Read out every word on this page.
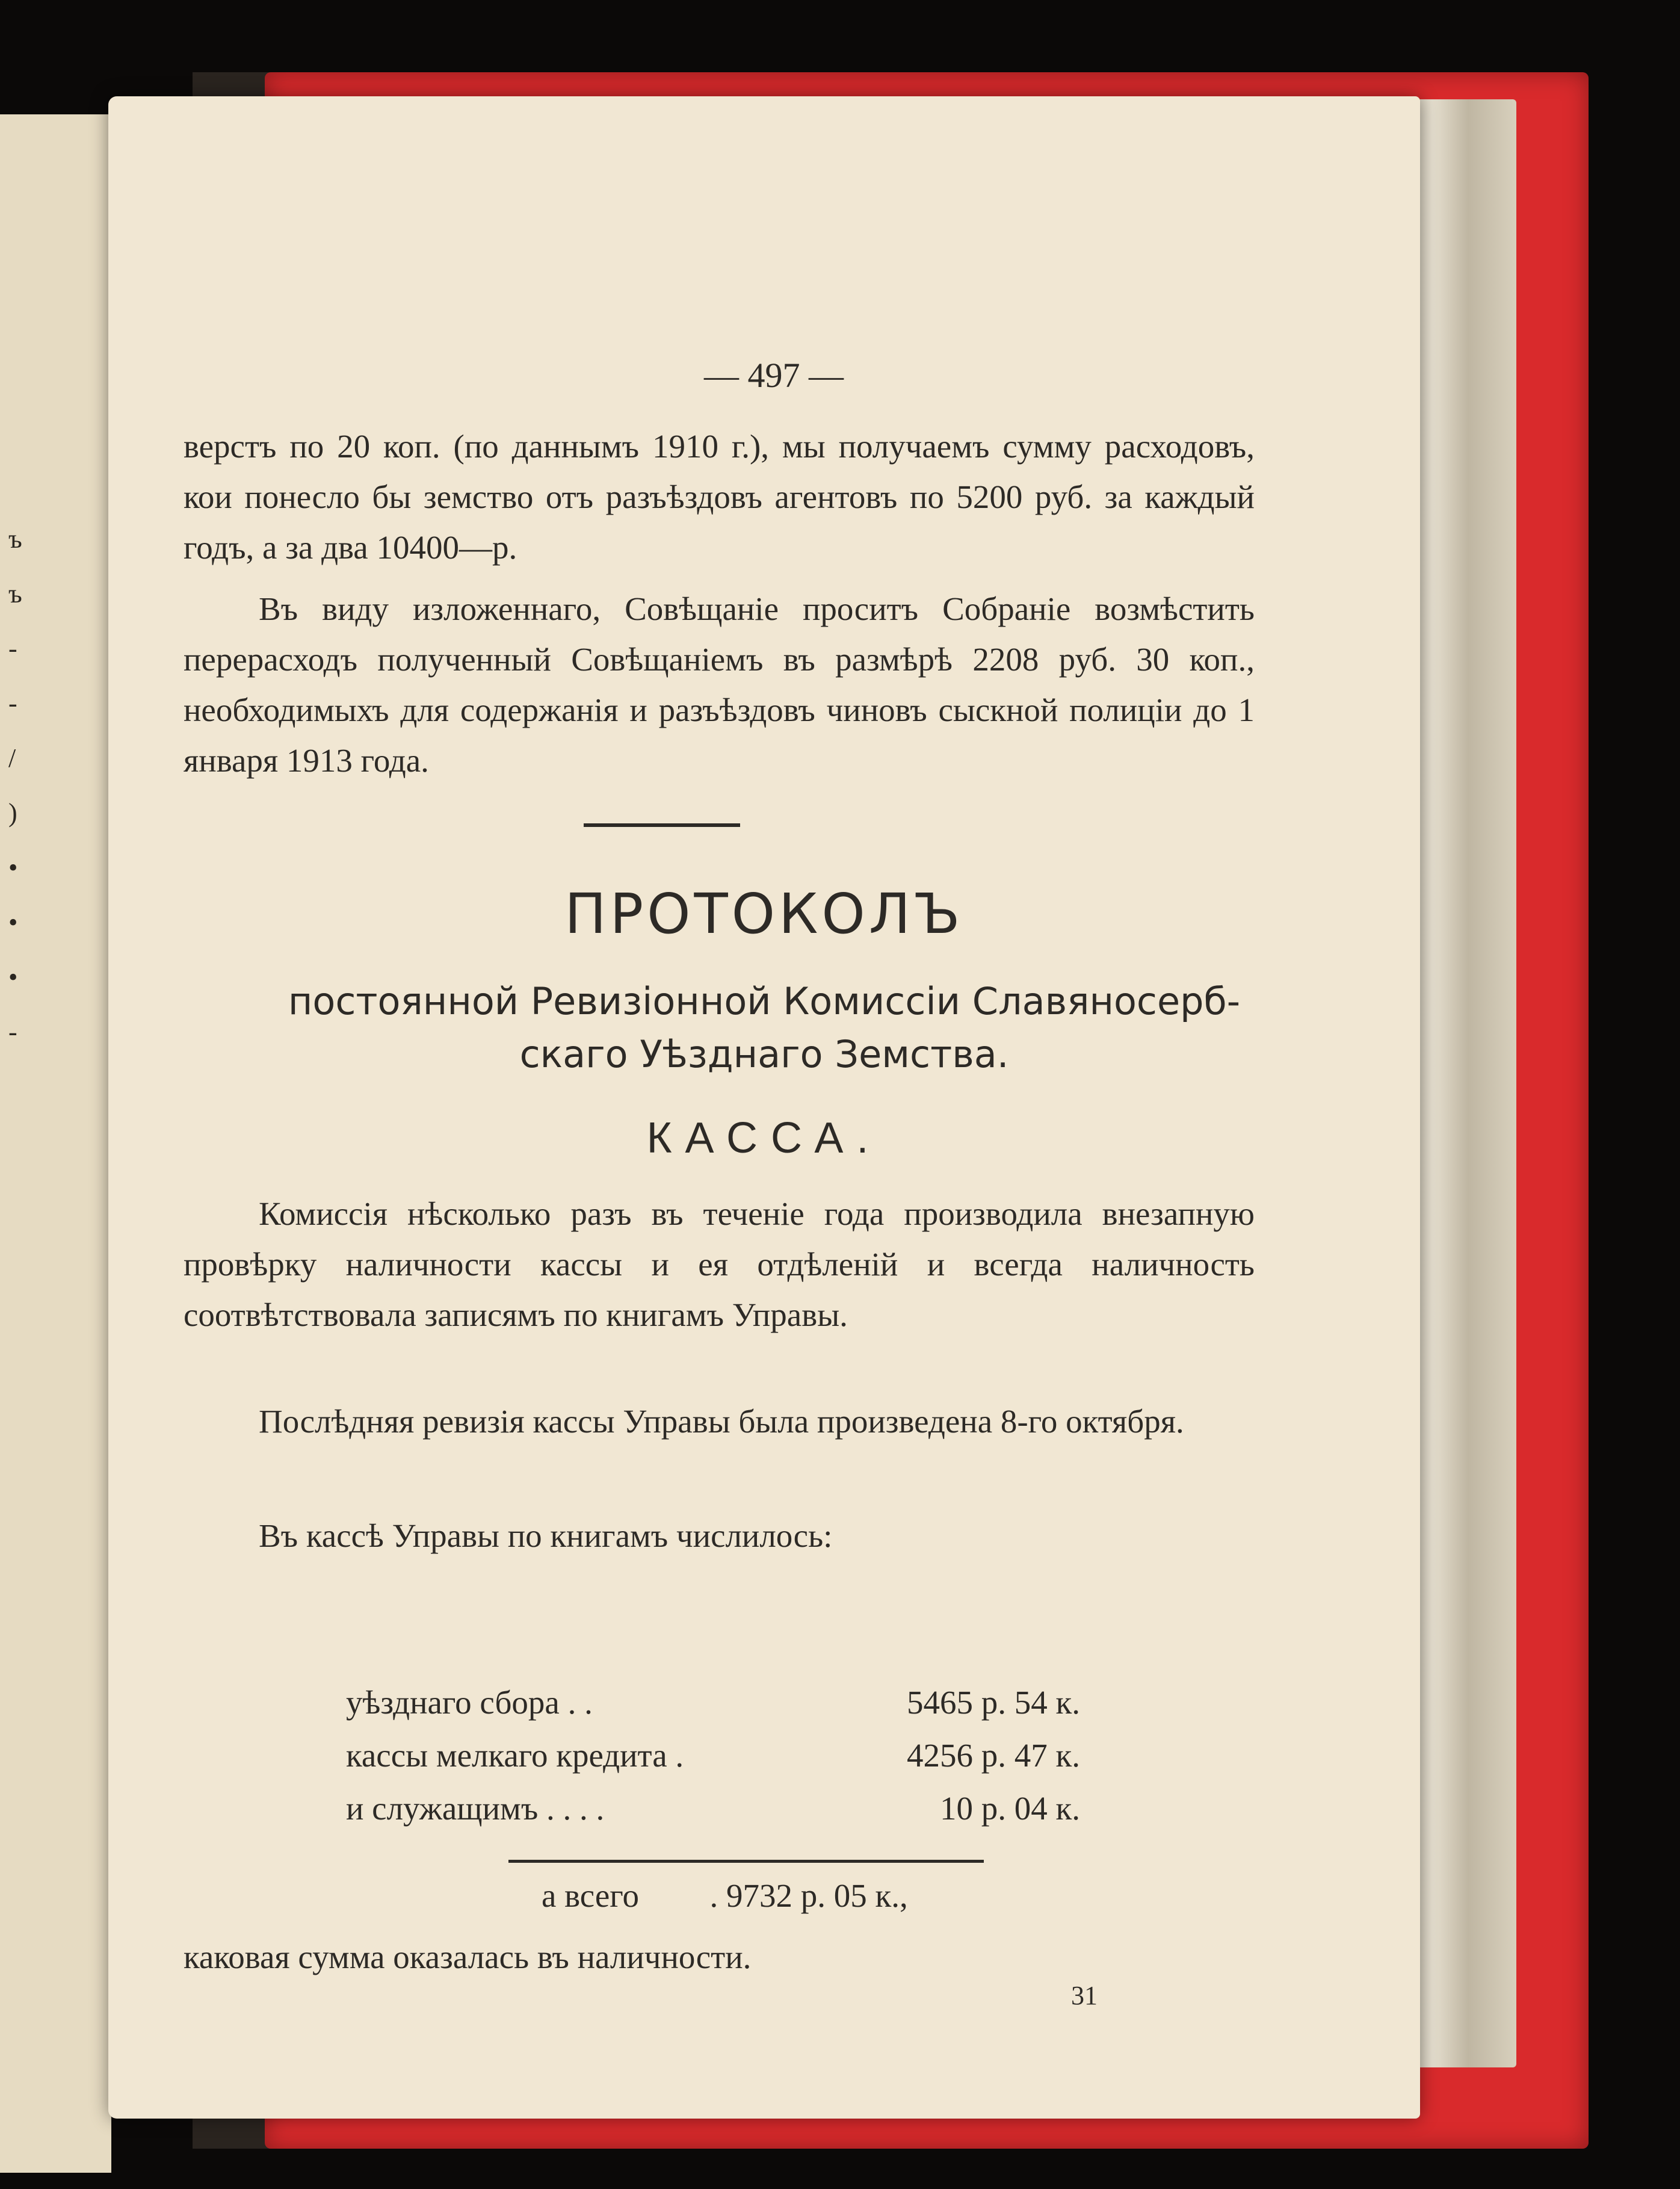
ъ
ъ
-
-
/
)
•
•
•
-

— 497 —

верстъ по 20 коп. (по даннымъ 1910 г.), мы получаемъ сумму расходовъ, кои понесло бы земство отъ разъѣздовъ агентовъ по 5200 руб. за каждый годъ, а за два 10400—р.

Въ виду изложеннаго, Совѣщаніе проситъ Собраніе возмѣстить перерасходъ полученный Совѣщаніемъ въ размѣрѣ 2208 руб. 30 коп., необходимыхъ для содержанія и разъѣздовъ чиновъ сыскной полиціи до 1 января 1913 года.

ПРОТОКОЛЪ
постоянной Ревизіонной Комиссіи Славяносерб-
скаго Уѣзднаго Земства.
КАССА.

Комиссія нѣсколько разъ въ теченіе года производила внезапную провѣрку наличности кассы и ея отдѣленій и всегда наличность соотвѣтствовала записямъ по книгамъ Управы.

Послѣдняя ревизія кассы Управы была произведена 8-го октября.

Въ кассѣ Управы по книгамъ числилось:

уѣзднаго сбора . .	5465 р. 54 к.
кассы мелкаго кредита .	4256 р. 47 к.
и служащимъ . . . .	10 р. 04 к.
а всего . 9732 р. 05 к.,
каковая сумма оказалась въ наличности.
31
